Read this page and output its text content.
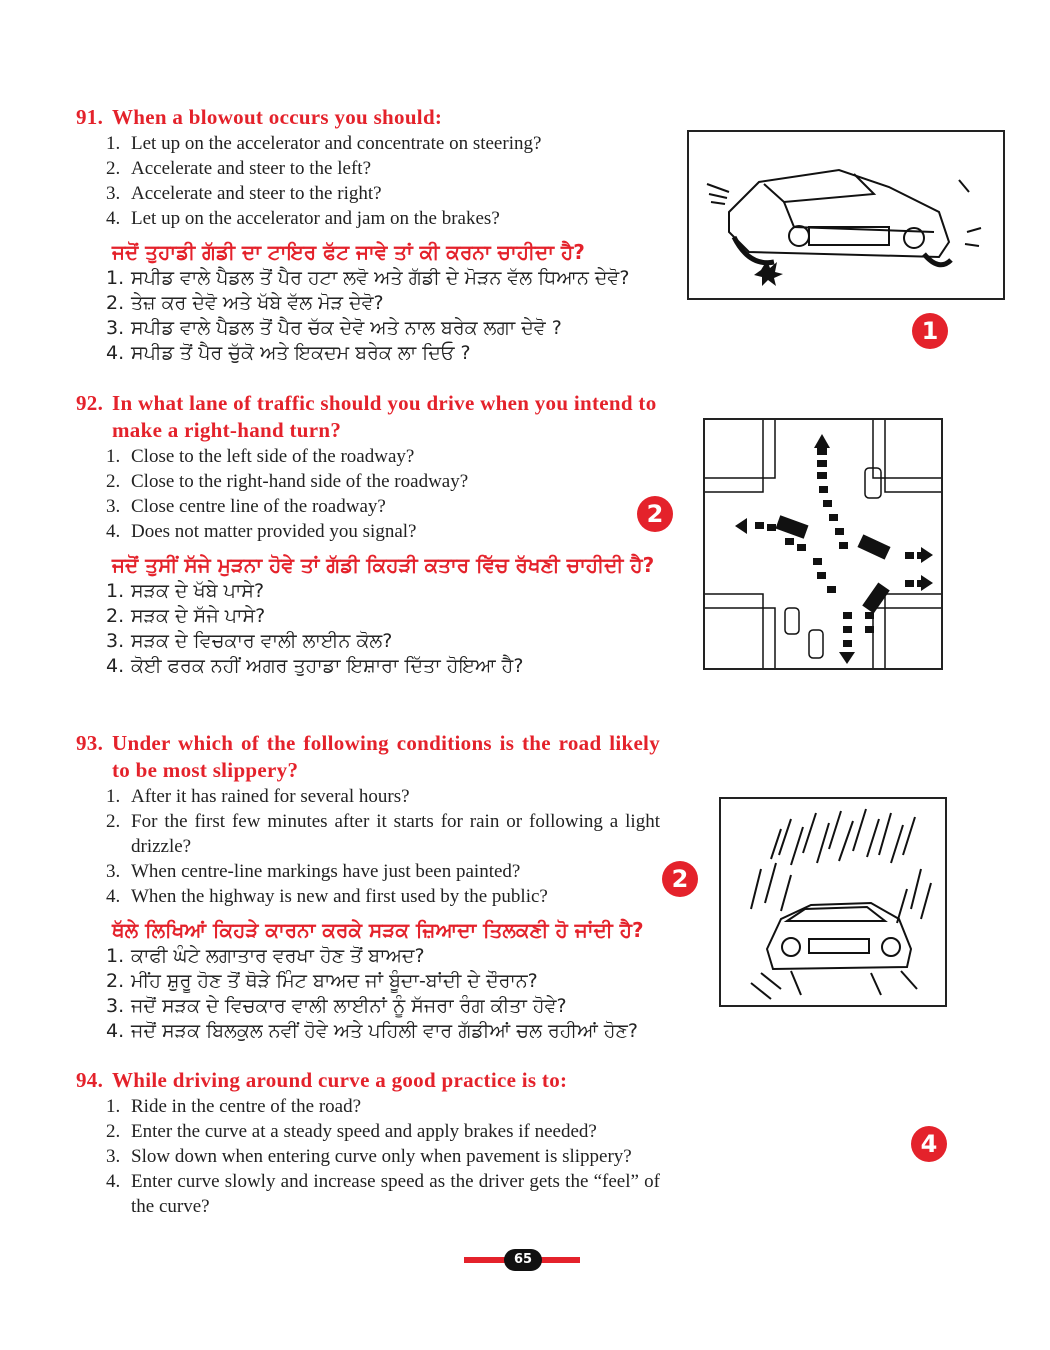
91. When a blowout occurs you should:
1. Let up on the accelerator and concentrate on steering?
2. Accelerate and steer to the left?
3. Accelerate and steer to the right?
4. Let up on the accelerator and jam on the brakes?
ਜਦੋਂ ਤੁਹਾਡੀ ਗੱਡੀ ਦਾ ਟਾਇਰ ਫੱਟ ਜਾਵੇ ਤਾਂ ਕੀ ਕਰਨਾ ਚਾਹੀਦਾ ਹੈ?
1. ਸਪੀਡ ਵਾਲੇ ਪੈਡਲ ਤੋਂ ਪੈਰ ਹਟਾ ਲਵੋ ਅਤੇ ਗੱਡੀ ਦੇ ਮੋੜਨ ਵੱਲ ਧਿਆਨ ਦੇਵੋ?
2. ਤੇਜ਼ ਕਰ ਦੇਵੋ ਅਤੇ ਖੱਬੇ ਵੱਲ ਮੋੜ ਦੇਵੋ?
3. ਸਪੀਡ ਵਾਲੇ ਪੈਡਲ ਤੋਂ ਪੈਰ ਚੱਕ ਦੇਵੋ ਅਤੇ ਨਾਲ ਬਰੇਕ ਲਗਾ ਦੇਵੋ ?
4. ਸਪੀਡ ਤੋਂ ਪੈਰ ਚੁੱਕੋ ਅਤੇ ਇਕਦਮ ਬਰੇਕ ਲਾ ਦਿਓ ?
1
92. In what lane of traffic should you drive when you intend to make a right-hand turn?
1. Close to the left side of the roadway?
2. Close to the right-hand side of the roadway?
3. Close centre line of the roadway?
4. Does not matter provided you signal?
ਜਦੋਂ ਤੁਸੀਂ ਸੱਜੇ ਮੁੜਨਾ ਹੋਵੇ ਤਾਂ ਗੱਡੀ ਕਿਹੜੀ ਕਤਾਰ ਵਿੱਚ ਰੱਖਣੀ ਚਾਹੀਦੀ ਹੈ?
1. ਸੜਕ ਦੇ ਖੱਬੇ ਪਾਸੇ?
2. ਸੜਕ ਦੇ ਸੱਜੇ ਪਾਸੇ?
3. ਸੜਕ ਦੇ ਵਿਚਕਾਰ ਵਾਲੀ ਲਾਈਨ ਕੋਲ?
4. ਕੋਈ ਫਰਕ ਨਹੀਂ ਅਗਰ ਤੁਹਾਡਾ ਇਸ਼ਾਰਾ ਦਿੱਤਾ ਹੋਇਆ ਹੈ?
2
93. Under which of the following conditions is the road likely to be most slippery?
1. After it has rained for several hours?
2. For the first few minutes after it starts for rain or following a light drizzle?
3. When centre-line markings have just been painted?
4. When the highway is new and first used by the public?
ਥੱਲੇ ਲਿਖਿਆਂ ਕਿਹੜੇ ਕਾਰਨਾ ਕਰਕੇ ਸੜਕ ਜ਼ਿਆਦਾ ਤਿਲਕਣੀ ਹੋ ਜਾਂਦੀ ਹੈ?
1. ਕਾਫੀ ਘੰਟੇ ਲਗਾਤਾਰ ਵਰਖਾ ਹੋਣ ਤੋਂ ਬਾਅਦ?
2. ਮੀਂਹ ਸ਼ੁਰੂ ਹੋਣ ਤੋਂ ਥੋੜੇ ਮਿੰਟ ਬਾਅਦ ਜਾਂ ਬੂੰਦਾ-ਬਾਂਦੀ ਦੇ ਦੌਰਾਨ?
3. ਜਦੋਂ ਸੜਕ ਦੇ ਵਿਚਕਾਰ ਵਾਲੀ ਲਾਈਨਾਂ ਨੂੰ ਸੱਜਰਾ ਰੰਗ ਕੀਤਾ ਹੋਵੇ?
4. ਜਦੋਂ ਸੜਕ ਬਿਲਕੁਲ ਨਵੀਂ ਹੋਵੇ ਅਤੇ ਪਹਿਲੀ ਵਾਰ ਗੱਡੀਆਂ ਚਲ ਰਹੀਆਂ ਹੋਣ?
2
94. While driving around curve a good practice is to:
1. Ride in the centre of the road?
2. Enter the curve at a steady speed and apply brakes if needed?
3. Slow down when entering curve only when pavement is slippery?
4. Enter curve slowly and increase speed as the driver gets the “feel” of the curve?
4
65
